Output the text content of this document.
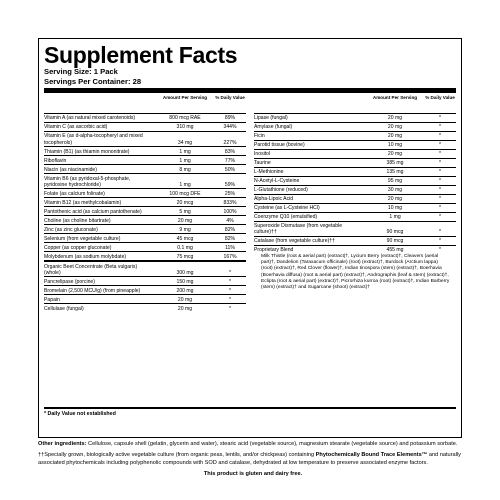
Supplement Facts
Serving Size: 1 Pack
Servings Per Container: 28
Amount Per Serving	% Daily Value
Vitamin A (as natural mixed carotenoids)	800 mcg RAE	89%
Vitamin C (as ascorbic acid)	310 mg	344%
Vitamin E (as d-alpha-tocopheryl and mixed tocopherols)	34 mg	227%
Thiamin (B1) (as thiamin mononitrate)	1 mg	83%
Riboflavin	1 mg	77%
Niacin (as niacinamide)	8 mg	50%
Vitamin B6 (as pyridoxal-5-phosphate, pyridoxine hydrochloride)	1 mg	59%
Folate (as calcium folinate)	100 mcg DFE	25%
Vitamin B12 (as methylcobalamin)	20 mcg	833%
Pantothenic acid (as calcium pantothenate)	5 mg	100%
Choline (as choline bitartrate)	20 mg	4%
Zinc (as zinc gluconate)	9 mg	82%
Selenium (from vegetable culture)	45 mcg	82%
Copper (as copper gluconate)	0.1 mg	11%
Molybdenum (as sodium molybdate)	75 mcg	167%
Organic Beet Concentrate (Beta vulgaris) (whole)	300 mg	*
Pancrelipase (porcine)	150 mg	*
Bromelain (2,500 MCU/g) (from pineapple)	200 mg	*
Papain	20 mg	*
Cellulase (fungal)	20 mg	*
Amount Per Serving	% Daily Value
Lipase (fungal)	20 mg	*
Amylase (fungal)	20 mg	*
Ficin	20 mg	*
Parotid tissue (bovine)	10 mg	*
Inositol	20 mg	*
Taurine	385 mg	*
L-Methionine	135 mg	*
N-Acetyl-L-Cysteine	95 mg	*
L-Glutathione (reduced)	30 mg	*
Alpha-Lipoic Acid	20 mg	*
Cysteine (as L-Cysteine HCl)	10 mg	*
Coenzyme Q10 (emulsified)	1 mg	*
Superoxide Dismutase (from vegetable culture)††	90 mcg	*
Catalase (from vegetable culture)††	90 mcg	*
Proprietary Blend	455 mg	*
Milk Thistle (root & aerial part) (extract)†, Lycium Berry (extract)†, Cleavers (aerial part)†, Dandelion (Taraxacum officinale) (root) (extract)†, Burdock (Arctium lappa) (root) (extract)†, Red Clover (flower)†, Indian tinospora (stem) (extract)†, Boerhavia (Boerhavia diffusa) (root & aerial part) (extract)†, Andrographis (leaf & stem) (extract)†, Eclipta (root & aerial part) (extract)†, Picrorhiza kurroa (root) (extract)†, Indian Barberry (stem) (extract)† and Sugarcane (shoot) (extract)†
* Daily Value not established

Other ingredients: Cellulose, capsule shell (gelatin, glycerin and water), stearic acid (vegetable source), magnesium stearate (vegetable source) and potassium sorbate.

††Specially grown, biologically active vegetable culture (from organic peas, lentils, and/or chickpeas) containing Phytochemically Bound Trace Elements™ and naturally associated phytochemicals including polyphenolic compounds with SOD and catalase, dehydrated at low temperature to preserve associated enzyme factors.

This product is gluten and dairy free.
